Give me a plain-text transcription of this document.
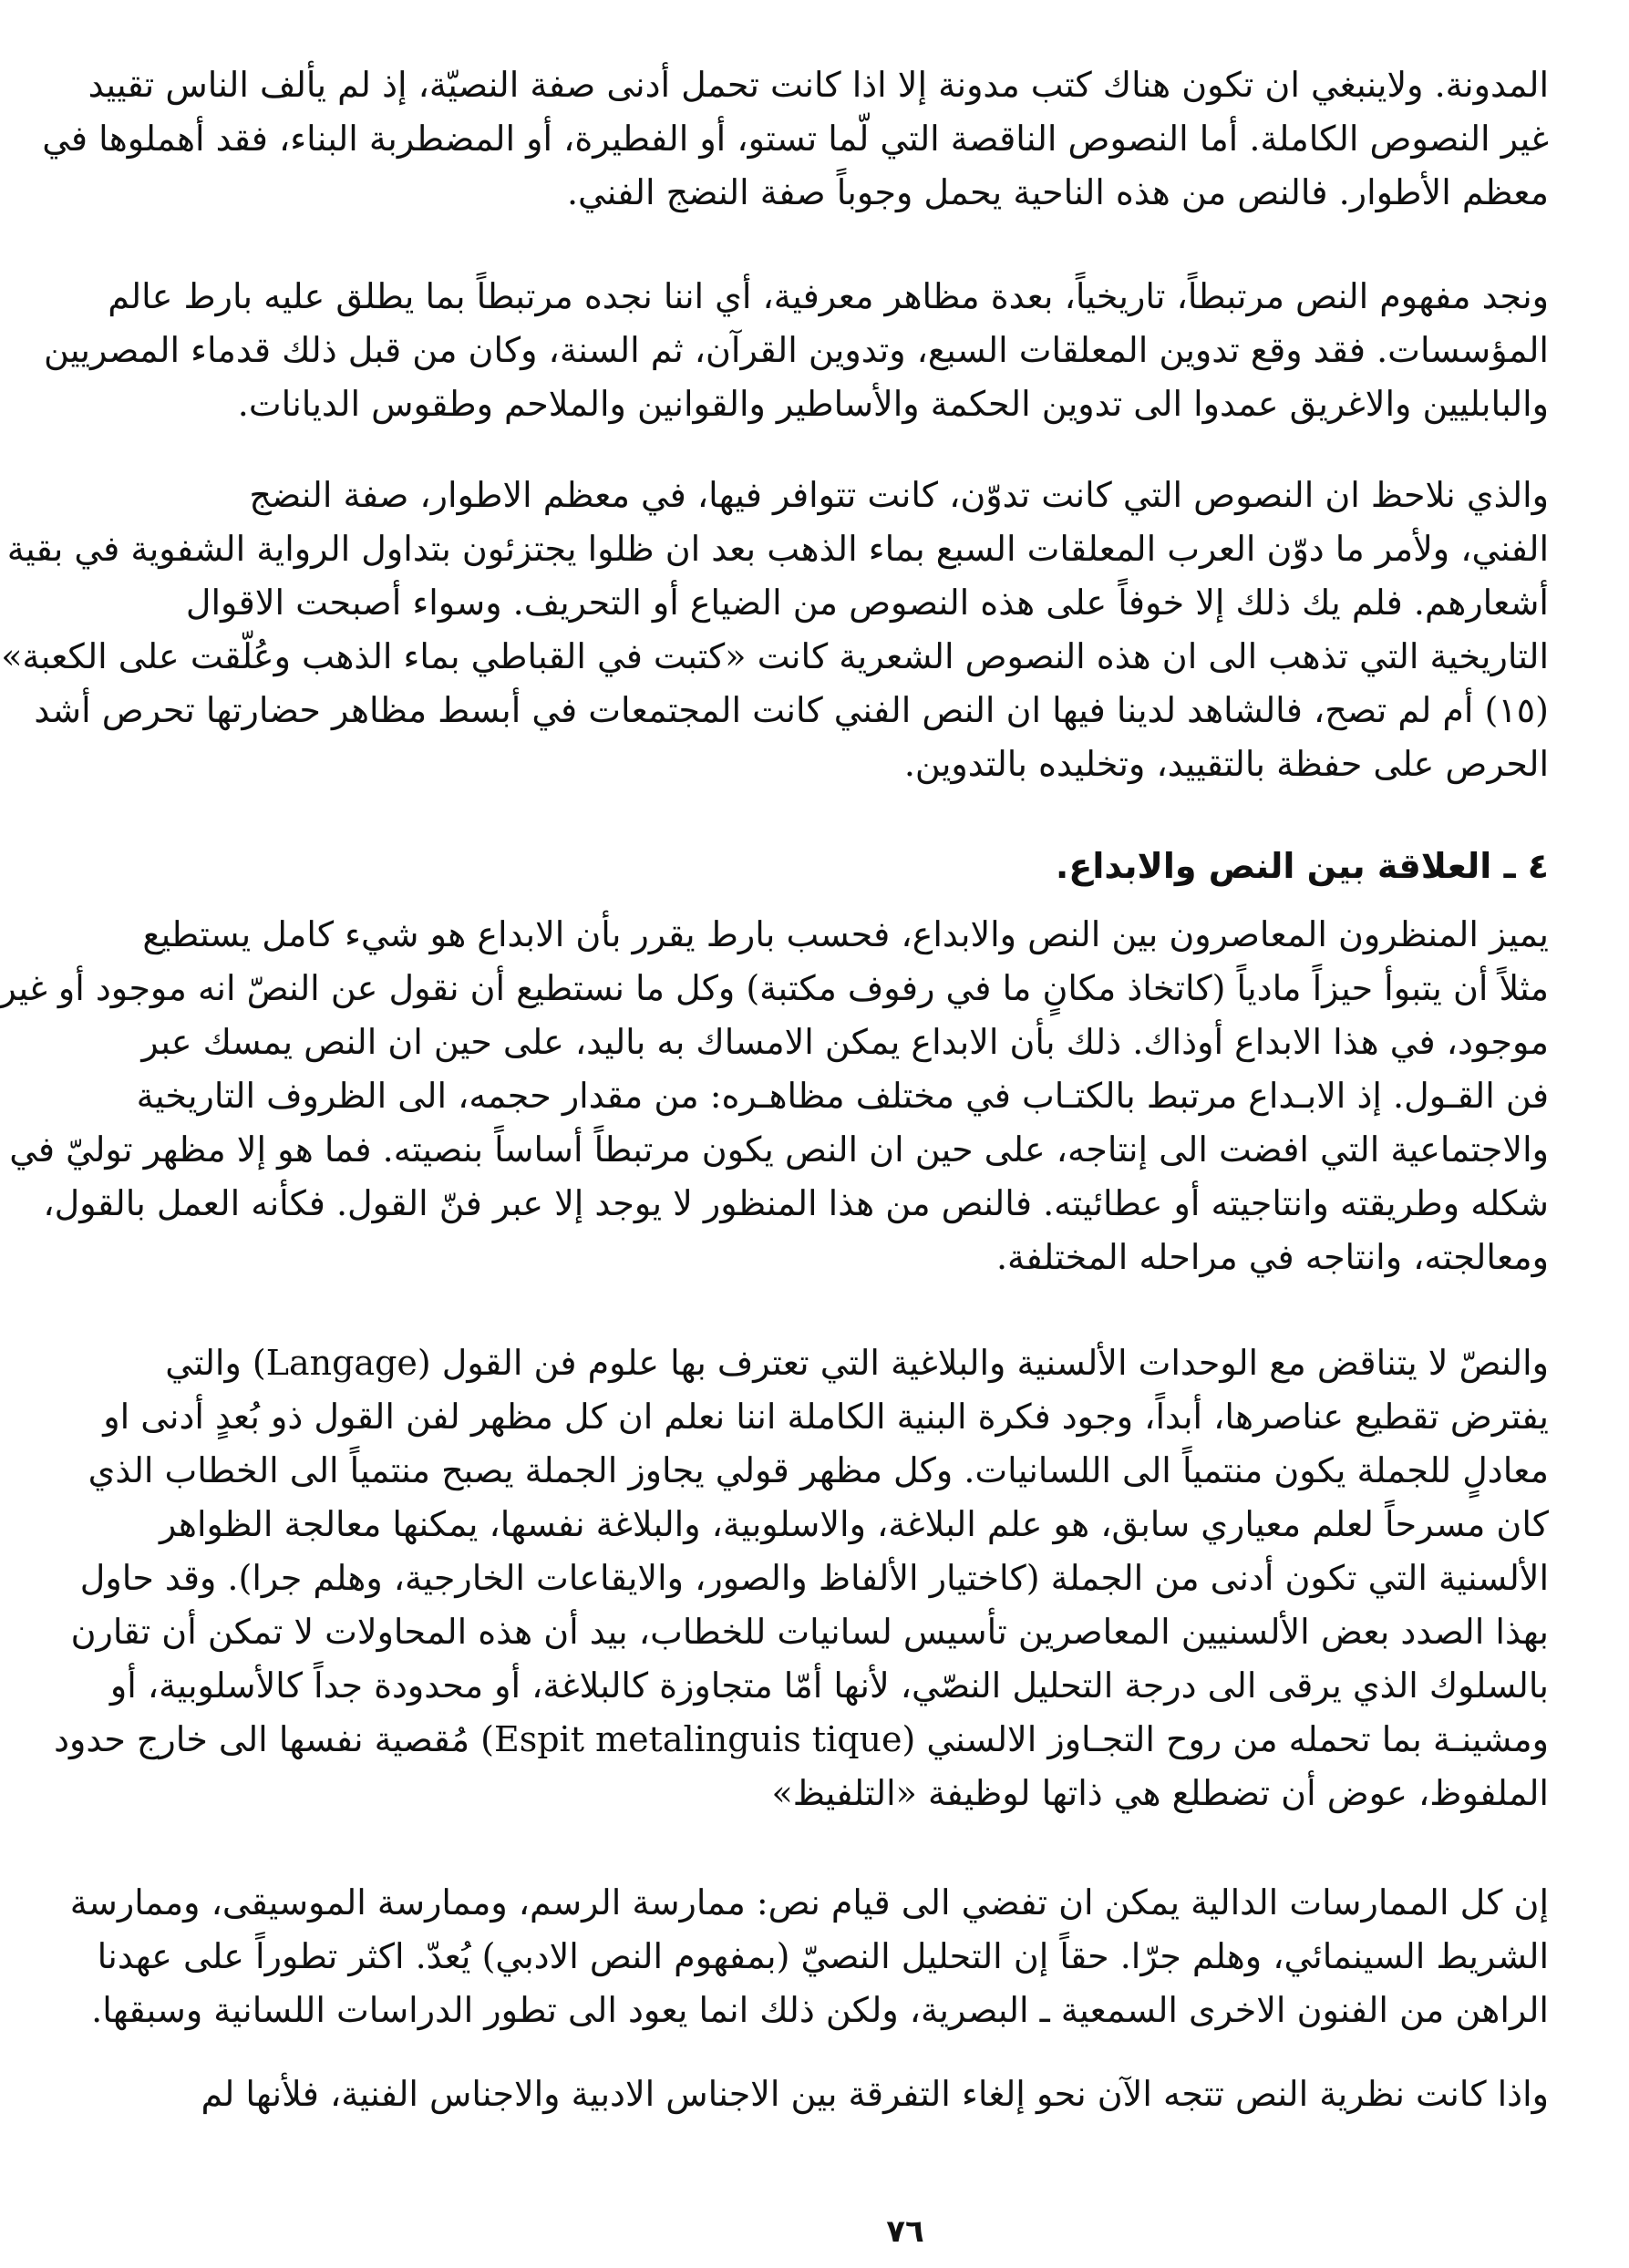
المدونة. ولاينبغي ان تكون هناك كتب مدونة إلا اذا كانت تحمل أدنى صفة النصيّة، إذ لم يألف الناس تقييد
غير النصوص الكاملة. أما النصوص الناقصة التي لّما تستو، أو الفطيرة، أو المضطربة البناء، فقد أهملوها في
معظم الأطوار. فالنص من هذه الناحية يحمل وجوباً صفة النضج الفني.
ونجد مفهوم النص مرتبطاً، تاريخياً، بعدة مظاهر معرفية، أي اننا نجده مرتبطاً بما يطلق عليه بارط عالم
المؤسسات. فقد وقع تدوين المعلقات السبع، وتدوين القرآن، ثم السنة، وكان من قبل ذلك قدماء المصريين
والبابليين والاغريق عمدوا الى تدوين الحكمة والأساطير والقوانين والملاحم وطقوس الديانات.
والذي نلاحظ ان النصوص التي كانت تدوّن، كانت تتوافر فيها، في معظم الاطوار، صفة النضج
الفني، ولأمر ما دوّن العرب المعلقات السبع بماء الذهب بعد ان ظلوا يجتزئون بتداول الرواية الشفوية في بقية
أشعارهم. فلم يك ذلك إلا خوفاً على هذه النصوص من الضياع أو التحريف. وسواء أصبحت الاقوال
التاريخية التي تذهب الى ان هذه النصوص الشعرية كانت «كتبت في القباطي بماء الذهب وعُلّقت على الكعبة»
(١٥) أم لم تصح، فالشاهد لدينا فيها ان النص الفني كانت المجتمعات في أبسط مظاهر حضارتها تحرص أشد
الحرص على حفظة بالتقييد، وتخليده بالتدوين.
٤ ـ العلاقة بين النص والابداع.
يميز المنظرون المعاصرون بين النص والابداع، فحسب بارط يقرر بأن الابداع هو شيء كامل يستطيع
مثلاً أن يتبوأ حيزاً مادياً (كاتخاذ مكانٍ ما في رفوف مكتبة) وكل ما نستطيع أن نقول عن النصّ انه موجود أو غير
موجود، في هذا الابداع أوذاك. ذلك بأن الابداع يمكن الامساك به باليد، على حين ان النص يمسك عبر
فن القـول. إذ الابـداع مرتبط بالكتـاب في مختلف مظاهـره: من مقدار حجمه، الى الظروف التاريخية
والاجتماعية التي افضت الى إنتاجه، على حين ان النص يكون مرتبطاً أساساً بنصيته. فما هو إلا مظهر توليّ في
شكله وطريقته وانتاجيته أو عطائيته. فالنص من هذا المنظور لا يوجد إلا عبر فنّ القول. فكأنه العمل بالقول،
ومعالجته، وانتاجه في مراحله المختلفة.
والنصّ لا يتناقض مع الوحدات الألسنية والبلاغية التي تعترف بها علوم فن القول (Langage) والتي
يفترض تقطيع عناصرها، أبداً، وجود فكرة البنية الكاملة اننا نعلم ان كل مظهر لفن القول ذو بُعدٍ أدنى او
معادلٍ للجملة يكون منتمياً الى اللسانيات. وكل مظهر قولي يجاوز الجملة يصبح منتمياً الى الخطاب الذي
كان مسرحاً لعلم معياري سابق، هو علم البلاغة، والاسلوبية، والبلاغة نفسها، يمكنها معالجة الظواهر
الألسنية التي تكون أدنى من الجملة (كاختيار الألفاظ والصور، والايقاعات الخارجية، وهلم جرا). وقد حاول
بهذا الصدد بعض الألسنيين المعاصرين تأسيس لسانيات للخطاب، بيد أن هذه المحاولات لا تمكن أن تقارن
بالسلوك الذي يرقى الى درجة التحليل النصّي، لأنها أمّا متجاوزة كالبلاغة، أو محدودة جداً كالأسلوبية، أو
ومشينـة بما تحمله من روح التجـاوز الالسني (Espit metalinguis tique) مُقصية نفسها الى خارج حدود
الملفوظ، عوض أن تضطلع هي ذاتها لوظيفة «التلفيظ»
إن كل الممارسات الدالية يمكن ان تفضي الى قيام نص: ممارسة الرسم، وممارسة الموسيقى، وممارسة
الشريط السينمائي، وهلم جرّا. حقاً إن التحليل النصيّ (بمفهوم النص الادبي) يُعدّ. اكثر تطوراً على عهدنا
الراهن من الفنون الاخرى السمعية ـ البصرية، ولكن ذلك انما يعود الى تطور الدراسات اللسانية وسبقها.
واذا كانت نظرية النص تتجه الآن نحو إلغاء التفرقة بين الاجناس الادبية والاجناس الفنية، فلأنها لم
٧٦
